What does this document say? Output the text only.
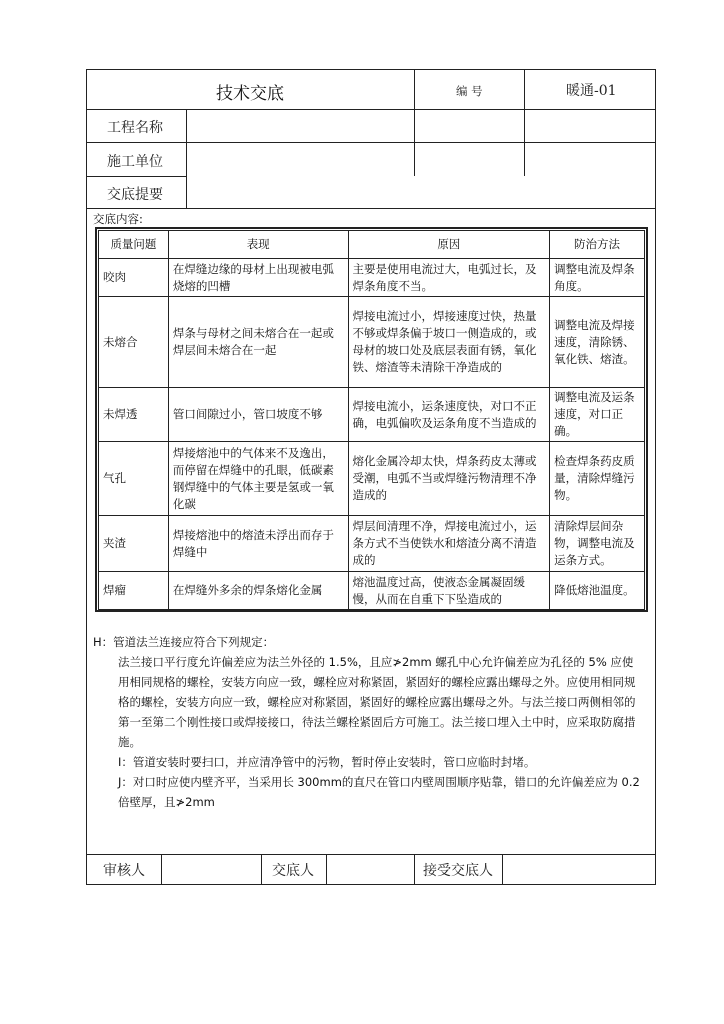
技术交底	编 号	暖通-01
工程名称
施工单位
交底提要
交底内容:
质量问题	表现	原因	防治方法
咬肉	在焊缝边缘的母材上出现被电弧烧熔的凹槽	主要是使用电流过大，电弧过长，及焊条角度不当。	调整电流及焊条角度。
未熔合	焊条与母材之间未熔合在一起或焊层间未熔合在一起	焊接电流过小，焊接速度过快，热量不够或焊条偏于坡口一侧造成的，或母材的坡口处及底层表面有锈，氧化铁、熔渣等未清除干净造成的	调整电流及焊接速度，清除锈、氧化铁、熔渣。
未焊透	管口间隙过小，管口坡度不够	焊接电流小，运条速度快，对口不正确，电弧偏吹及运条角度不当造成的	调整电流及运条速度，对口正确。
气孔	焊接熔池中的气体来不及逸出，而停留在焊缝中的孔眼，低碳素钢焊缝中的气体主要是氢或一氧化碳	熔化金属冷却太快，焊条药皮太薄或受潮，电弧不当或焊缝污物清理不净造成的	检查焊条药皮质量，清除焊缝污物。
夹渣	焊接熔池中的熔渣未浮出而存于焊缝中	焊层间清理不净，焊接电流过小，运条方式不当使铁水和熔渣分离不清造成的	清除焊层间杂物，调整电流及运条方式。
焊瘤	在焊缝外多余的焊条熔化金属	熔池温度过高，使液态金属凝固缓慢，从而在自重下下坠造成的	降低熔池温度。
H：管道法兰连接应符合下列规定：
法兰接口平行度允许偏差应为法兰外径的 1.5%，且应≯2mm 螺孔中心允许偏差应为孔径的 5% 应使用相同规格的螺栓，安装方向应一致，螺栓应对称紧固，紧固好的螺栓应露出螺母之外。应使用相同规格的螺栓，安装方向应一致，螺栓应对称紧固，紧固好的螺栓应露出螺母之外。与法兰接口两侧相邻的第一至第二个刚性接口或焊接接口，待法兰螺栓紧固后方可施工。法兰接口埋入土中时，应采取防腐措施。
I：管道安装时要扫口，并应清净管中的污物，暂时停止安装时，管口应临时封堵。
J：对口时应使内壁齐平，当采用长 300mm的直尺在管口内壁周围顺序贴靠，错口的允许偏差应为 0.2 倍壁厚，且≯2mm
审核人	交底人	接受交底人
